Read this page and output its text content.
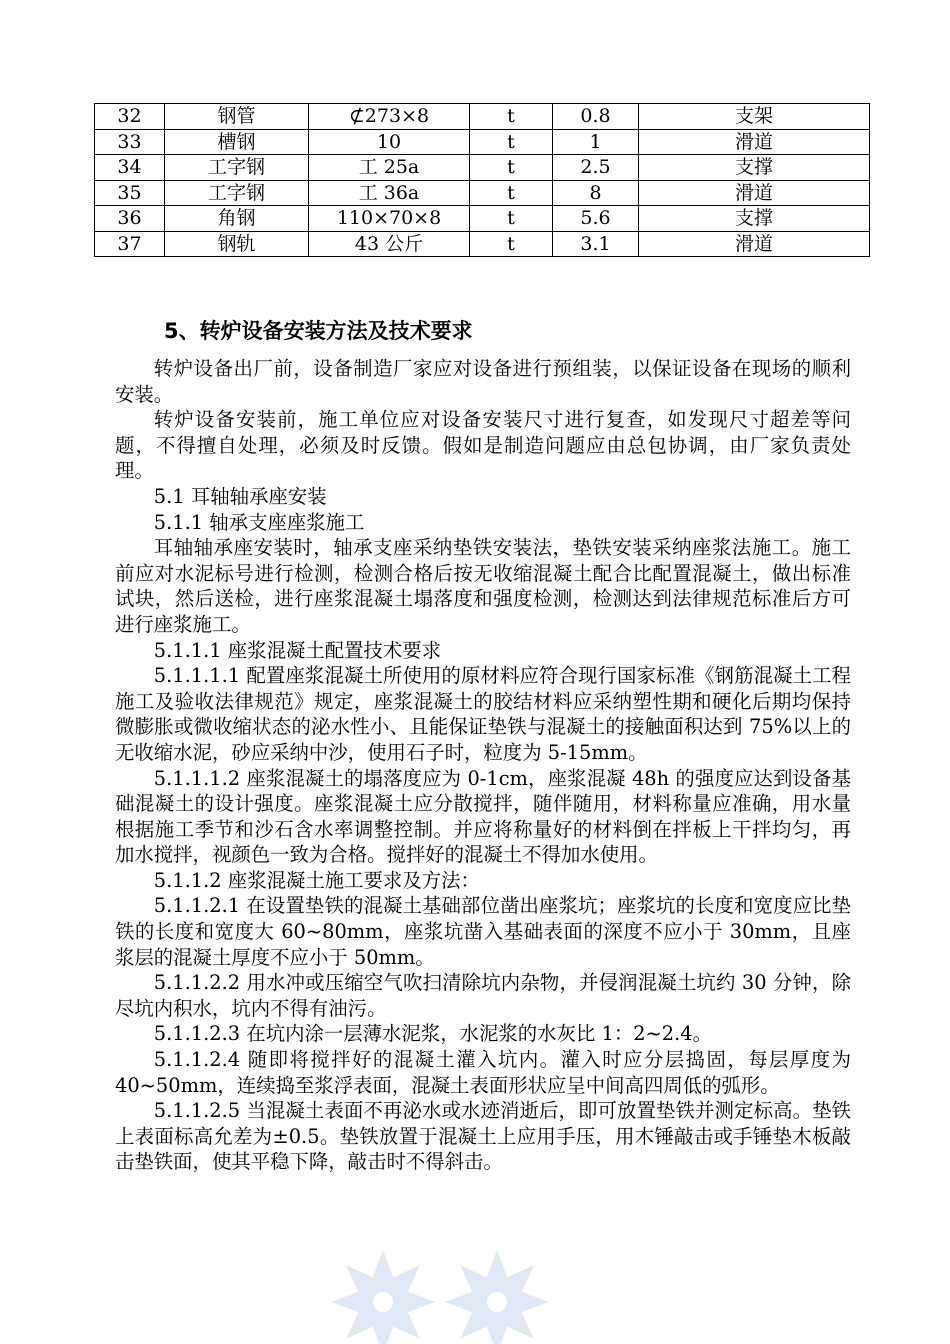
32	钢管	⊄273×8	t	0.8	支架
33	槽钢	10	t	1	滑道
34	工字钢	工 25a	t	2.5	支撑
35	工字钢	工 36a	t	8	滑道
36	角钢	110×70×8	t	5.6	支撑
37	钢轨	43 公斤	t	3.1	滑道
5、转炉设备安装方法及技术要求

转炉设备出厂前，设备制造厂家应对设备进行预组装，以保证设备在现场的顺利安装。

转炉设备安装前，施工单位应对设备安装尺寸进行复查，如发现尺寸超差等问题，不得擅自处理，必须及时反馈。假如是制造问题应由总包协调，由厂家负责处理。

5.1 耳轴轴承座安装

5.1.1 轴承支座座浆施工

耳轴轴承座安装时，轴承支座采纳垫铁安装法，垫铁安装采纳座浆法施工。施工前应对水泥标号进行检测，检测合格后按无收缩混凝土配合比配置混凝土，做出标准试块，然后送检，进行座浆混凝土塌落度和强度检测，检测达到法律规范标准后方可进行座浆施工。

5.1.1.1 座浆混凝土配置技术要求

5.1.1.1.1 配置座浆混凝土所使用的原材料应符合现行国家标准《钢筋混凝土工程施工及验收法律规范》规定，座浆混凝土的胶结材料应采纳塑性期和硬化后期均保持微膨胀或微收缩状态的泌水性小、且能保证垫铁与混凝土的接触面积达到 75%以上的无收缩水泥，砂应采纳中沙，使用石子时，粒度为 5-15mm。

5.1.1.1.2 座浆混凝土的塌落度应为 0-1cm，座浆混凝 48h 的强度应达到设备基础混凝土的设计强度。座浆混凝土应分散搅拌，随伴随用，材料称量应准确，用水量根据施工季节和沙石含水率调整控制。并应将称量好的材料倒在拌板上干拌均匀，再加水搅拌，视颜色一致为合格。搅拌好的混凝土不得加水使用。

5.1.1.2 座浆混凝土施工要求及方法：

5.1.1.2.1 在设置垫铁的混凝土基础部位凿出座浆坑；座浆坑的长度和宽度应比垫铁的长度和宽度大 60~80mm，座浆坑凿入基础表面的深度不应小于 30mm，且座浆层的混凝土厚度不应小于 50mm。

5.1.1.2.2 用水冲或压缩空气吹扫清除坑内杂物，并侵润混凝土坑约 30 分钟，除尽坑内积水，坑内不得有油污。

5.1.1.2.3 在坑内涂一层薄水泥浆，水泥浆的水灰比 1：2~2.4。

5.1.1.2.4 随即将搅拌好的混凝土灌入坑内。灌入时应分层捣固，每层厚度为 40~50mm，连续捣至浆浮表面，混凝土表面形状应呈中间高四周低的弧形。

5.1.1.2.5 当混凝土表面不再泌水或水迹消逝后，即可放置垫铁并测定标高。垫铁上表面标高允差为±0.5。垫铁放置于混凝土上应用手压，用木锤敲击或手锤垫木板敲击垫铁面，使其平稳下降，敲击时不得斜击。
